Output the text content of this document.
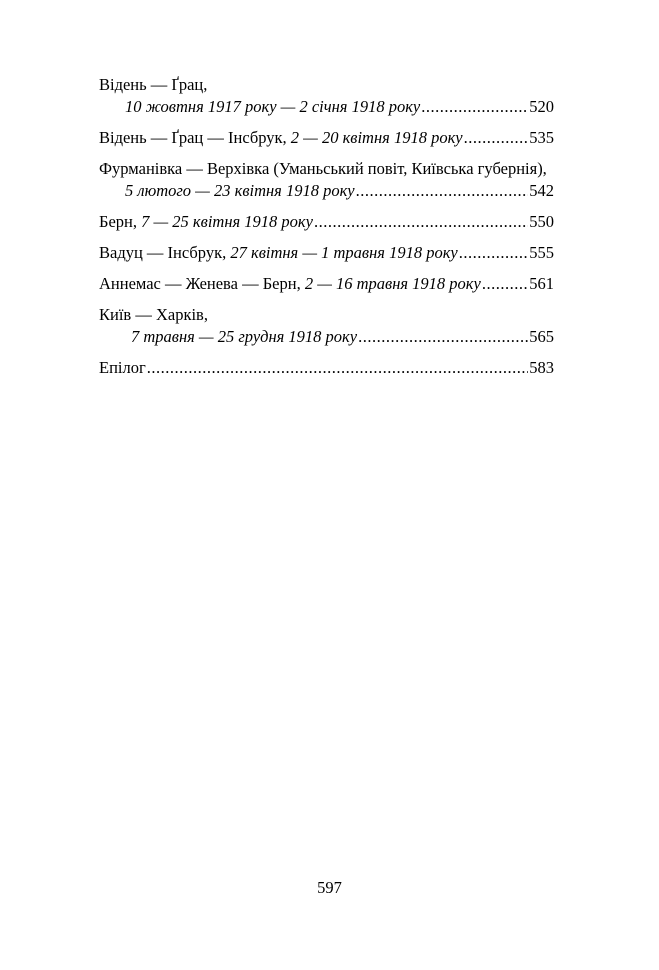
Відень — Ґрац,
10 жовтня 1917 року — 2 січня 1918 року .....	520
Відень — Ґрац — Інсбрук,
2 — 20 квітня 1918 року .....	535
Фурманівка — Верхівка (Уманьський повіт, Київська губернія),
5 лютого — 23 квітня 1918 року .....	542
Берн,
7 — 25 квітня 1918 року .....	550
Вадуц — Інсбрук,
27 квітня — 1 травня 1918 року .....	555
Аннемас — Женева — Берн,
2 — 16 травня 1918 року .....	561
Київ — Харків,
7 травня — 25 грудня 1918 року .....	565
Епілог .....	583
597
